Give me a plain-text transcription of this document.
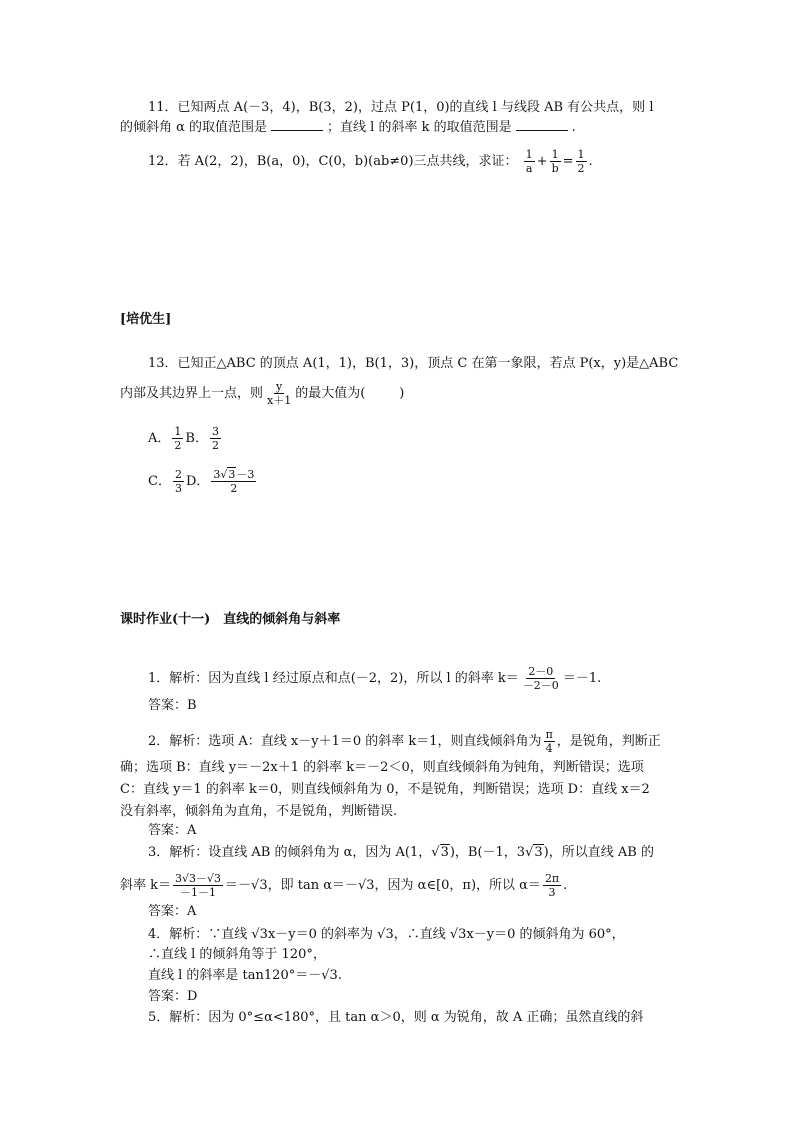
11．已知两点 A(－3，4)，B(3，2)，过点 P(1，0)的直线 l 与线段 AB 有公共点，则 l
的倾斜角 α 的取值范围是	；直线 l 的斜率 k 的取值范围是	.
12．若 A(2，2)，B(a，0)，C(0，b)(ab≠0)三点共线，求证： $\frac{1}{a} + \frac{1}{b} = \frac{1}{2}$ .
[培优生]
13．已知正△ABC 的顶点 A(1，1)，B(1，3)，顶点 C 在第一象限，若点 P(x，y)是△ABC
内部及其边界上一点，则 $\frac{y}{x+1}$ 的最大值为(	)
A． $\frac{1}{2}$ B． $\frac{3}{2}$
C． $\frac{2}{3}$ D． $\frac{3√3-3}{2}$
课时作业(十一)　直线的倾斜角与斜率
1．解析：因为直线 l 经过原点和点(－2，2)，所以 l 的斜率 $k= \frac{2-0}{-2-0} =-1$.
答案：B
2．解析：选项 A：直线 x－y＋1＝0 的斜率 k＝1，则直线倾斜角为 $\frac{\pi}{4}$ ，是锐角，判断正
确；选项 B：直线 y＝－2x＋1 的斜率 k＝－2＜0，则直线倾斜角为钝角，判断错误；选项
C：直线 y＝1 的斜率 k＝0，则直线倾斜角为 0，不是锐角，判断错误；选项 D：直线 x＝2
没有斜率，倾斜角为直角，不是锐角，判断错误.
答案：A
3．解析：设直线 AB 的倾斜角为 α，因为 A(1，√3)，B(－1，3√3)，所以直线 AB 的
斜率 $k= \frac{3√3-√3}{-1-1} =-√3$，即 tan α＝－√3，因为 α∈[0，π)，所以 $\alpha= \frac{2\pi}{3}$ .
答案：A
4．解析：∵直线 √3x－y＝0 的斜率为 √3，∴直线 √3x－y＝0 的倾斜角为 60°，
∴直线 l 的倾斜角等于 120°，
直线 l 的斜率是 tan120°＝－√3.
答案：D
5．解析：因为 0°≤α<180°，且 tan α＞0，则 α 为锐角，故 A 正确；虽然直线的斜
